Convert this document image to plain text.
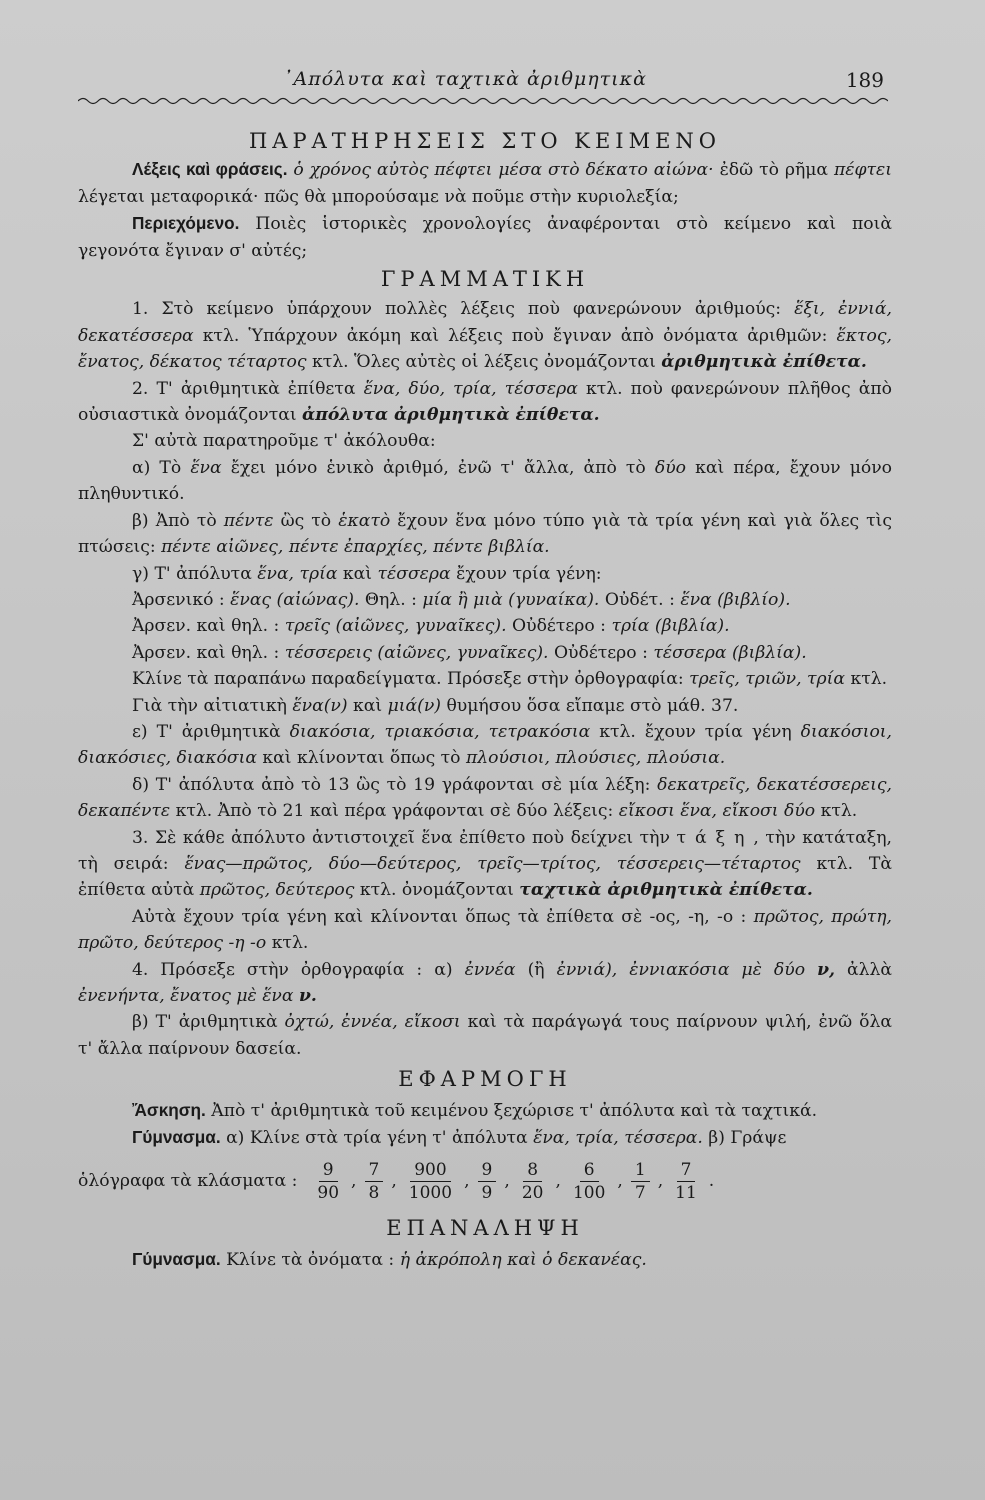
᾿Απόλυτα καὶ ταχτικὰ ἀριθμητικὰ	189
ΠΑΡΑΤΗΡΗΣΕΙΣ ΣΤΟ ΚΕΙΜΕΝΟ

Λέξεις καὶ φράσεις. ὁ χρόνος αὐτὸς πέφτει μέσα στὸ δέκατο αἰώνα· ἐδῶ τὸ ρῆμα πέφτει λέγεται μεταφορικά· πῶς θὰ μπορούσαμε νὰ ποῦμε στὴν κυριολεξία;

Περιεχόμενο. Ποιὲς ἱστορικὲς χρονολογίες ἀναφέρονται στὸ κείμενο καὶ ποιὰ γεγονότα ἔγιναν σ' αὐτές;

ΓΡΑΜΜΑΤΙΚΗ

1. Στὸ κείμενο ὑπάρχουν πολλὲς λέξεις ποὺ φανερώνουν ἀριθμούς: ἕξι, ἐννιά, δεκατέσσερα κτλ. Ὑπάρχουν ἀκόμη καὶ λέξεις ποὺ ἔγιναν ἀπὸ ὀνόματα ἀριθμῶν: ἕκτος, ἔνατος, δέκατος τέταρτος κτλ. Ὅλες αὐτὲς οἱ λέξεις ὀνομάζονται ἀριθμητικὰ ἐπίθετα.

2. Τ' ἀριθμητικὰ ἐπίθετα ἕνα, δύο, τρία, τέσσερα κτλ. ποὺ φανερώνουν πλῆθος ἀπὸ οὐσιαστικὰ ὀνομάζονται ἀπόλυτα ἀριθμητικὰ ἐπίθετα.

Σ' αὐτὰ παρατηροῦμε τ' ἀκόλουθα:

α) Τὸ ἕνα ἔχει μόνο ἑνικὸ ἀριθμό, ἐνῶ τ' ἄλλα, ἀπὸ τὸ δύο καὶ πέρα, ἔχουν μόνο πληθυντικό.

β) Ἀπὸ τὸ πέντε ὣς τὸ ἑκατὸ ἔχουν ἕνα μόνο τύπο γιὰ τὰ τρία γένη καὶ γιὰ ὅλες τὶς πτώσεις: πέντε αἰῶνες, πέντε ἐπαρχίες, πέντε βιβλία.

γ) Τ' ἀπόλυτα ἕνα, τρία καὶ τέσσερα ἔχουν τρία γένη:

Ἀρσενικό : ἕνας (αἰώνας). Θηλ. : μία ἢ μιὰ (γυναίκα). Οὐδέτ. : ἕνα (βιβλίο).

Ἀρσεν. καὶ θηλ. : τρεῖς (αἰῶνες, γυναῖκες). Οὐδέτερο : τρία (βιβλία).

Ἀρσεν. καὶ θηλ. : τέσσερεις (αἰῶνες, γυναῖκες). Οὐδέτερο : τέσσερα (βιβλία).

Κλίνε τὰ παραπάνω παραδείγματα. Πρόσεξε στὴν ὀρθογραφία: τρεῖς, τριῶν, τρία κτλ.

Γιὰ τὴν αἰτιατικὴ ἕνα(ν) καὶ μιά(ν) θυμήσου ὅσα εἴπαμε στὸ μάθ. 37.

ε) Τ' ἀριθμητικὰ διακόσια, τριακόσια, τετρακόσια κτλ. ἔχουν τρία γένη διακόσιοι, διακόσιες, διακόσια καὶ κλίνονται ὅπως τὸ πλούσιοι, πλούσιες, πλούσια.

δ) Τ' ἀπόλυτα ἀπὸ τὸ 13 ὣς τὸ 19 γράφονται σὲ μία λέξη: δεκατρεῖς, δεκατέσσερεις, δεκαπέντε κτλ. Ἀπὸ τὸ 21 καὶ πέρα γράφονται σὲ δύο λέξεις: εἴκοσι ἕνα, εἴκοσι δύο κτλ.

3. Σὲ κάθε ἀπόλυτο ἀντιστοιχεῖ ἕνα ἐπίθετο ποὺ δείχνει τὴν τάξη, τὴν κατάταξη, τὴ σειρά: ἕνας—πρῶτος, δύο—δεύτερος, τρεῖς—τρίτος, τέσσερεις—τέταρτος κτλ. Τὰ ἐπίθετα αὐτὰ πρῶτος, δεύτερος κτλ. ὀνομάζονται ταχτικὰ ἀριθμητικὰ ἐπίθετα.

Αὐτὰ ἔχουν τρία γένη καὶ κλίνονται ὅπως τὰ ἐπίθετα σὲ -ος, -η, -ο : πρῶτος, πρώτη, πρῶτο, δεύτερος -η -ο κτλ.

4. Πρόσεξε στὴν ὀρθογραφία : α) ἐννέα (ἢ ἐννιά), ἐννιακόσια μὲ δύο ν, ἀλλὰ ἐνενήντα, ἔνατος μὲ ἕνα ν.

β) Τ' ἀριθμητικὰ ὀχτώ, ἐννέα, εἴκοσι καὶ τὰ παράγωγά τους παίρνουν ψιλή, ἐνῶ ὅλα τ' ἄλλα παίρνουν δασεία.

ΕΦΑΡΜΟΓΗ

Ἄσκηση. Ἀπὸ τ' ἀριθμητικὰ τοῦ κειμένου ξεχώρισε τ' ἀπόλυτα καὶ τὰ ταχτικά.

Γύμνασμα. α) Κλίνε στὰ τρία γένη τ' ἀπόλυτα ἕνα, τρία, τέσσερα. β) Γράψε

ὁλόγραφα τὰ κλάσματα : $\frac{9}{90}$ , $\frac{7}{8}$ , $\frac{900}{1000}$ , $\frac{9}{9}$ , $\frac{8}{20}$ , $\frac{6}{100}$ , $\frac{1}{7}$ , $\frac{7}{11}$ .
ΕΠΑΝΑΛΗΨΗ

Γύμνασμα. Κλίνε τὰ ὀνόματα : ἡ ἀκρόπολη καὶ ὁ δεκανέας.
